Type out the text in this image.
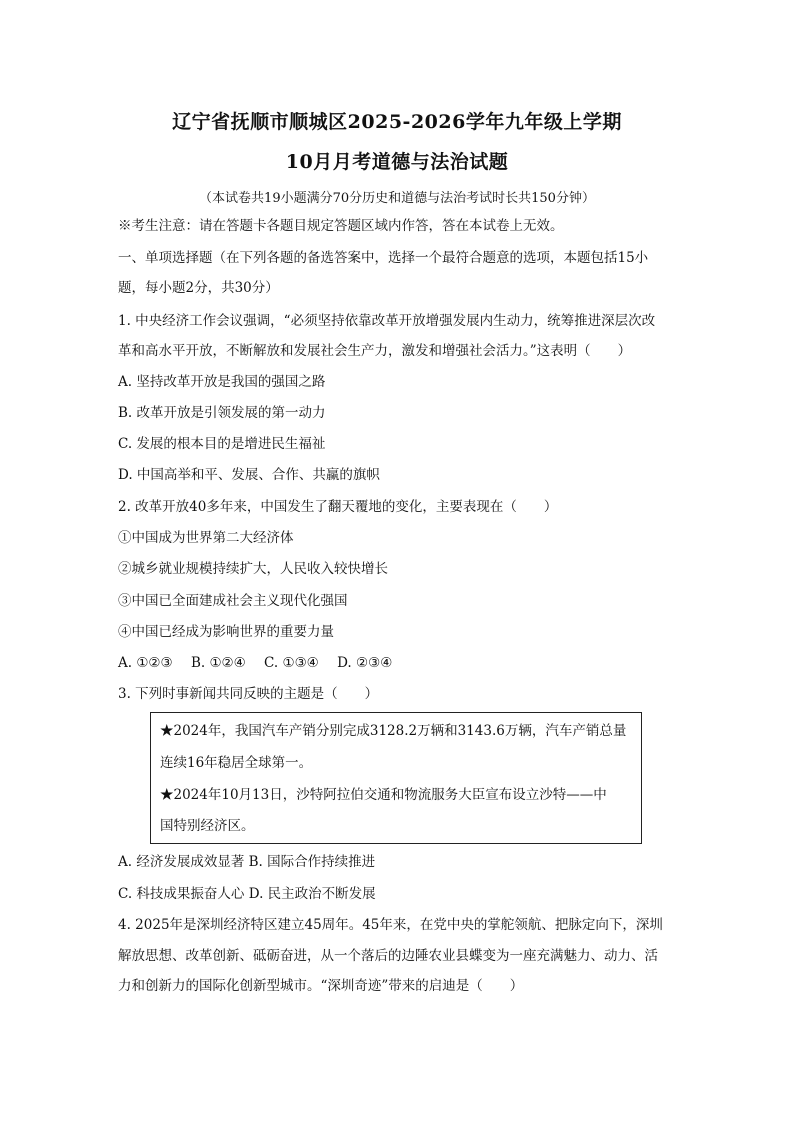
辽宁省抚顺市顺城区2025-2026学年九年级上学期
10月月考道德与法治试题
（本试卷共19小题满分70分历史和道德与法治考试时长共150分钟）
※考生注意：请在答题卡各题目规定答题区域内作答，答在本试卷上无效。
一、单项选择题（在下列各题的备选答案中，选择一个最符合题意的选项，本题包括15小
题，每小题2分，共30分）
1. 中央经济工作会议强调，“必须坚持依靠改革开放增强发展内生动力，统筹推进深层次改
革和高水平开放，不断解放和发展社会生产力，激发和增强社会活力。”这表明（　　）
A. 坚持改革开放是我国的强国之路
B. 改革开放是引领发展的第一动力
C. 发展的根本目的是增进民生福祉
D. 中国高举和平、发展、合作、共赢的旗帜
2. 改革开放40多年来，中国发生了翻天覆地的变化，主要表现在（　　）
①中国成为世界第二大经济体
②城乡就业规模持续扩大，人民收入较快增长
③中国已全面建成社会主义现代化强国
④中国已经成为影响世界的重要力量
A. ①②③ B. ①②④ C. ①③④ D. ②③④
3. 下列时事新闻共同反映的主题是（　　）
★2024年，我国汽车产销分别完成3128.2万辆和3143.6万辆，汽车产销总量
连续16年稳居全球第一。
★2024年10月13日，沙特阿拉伯交通和物流服务大臣宣布设立沙特——中
国特别经济区。
A. 经济发展成效显著 B. 国际合作持续推进
C. 科技成果振奋人心 D. 民主政治不断发展
4. 2025年是深圳经济特区建立45周年。45年来，在党中央的掌舵领航、把脉定向下，深圳
解放思想、改革创新、砥砺奋进，从一个落后的边陲农业县蝶变为一座充满魅力、动力、活
力和创新力的国际化创新型城市。“深圳奇迹”带来的启迪是（　　）
